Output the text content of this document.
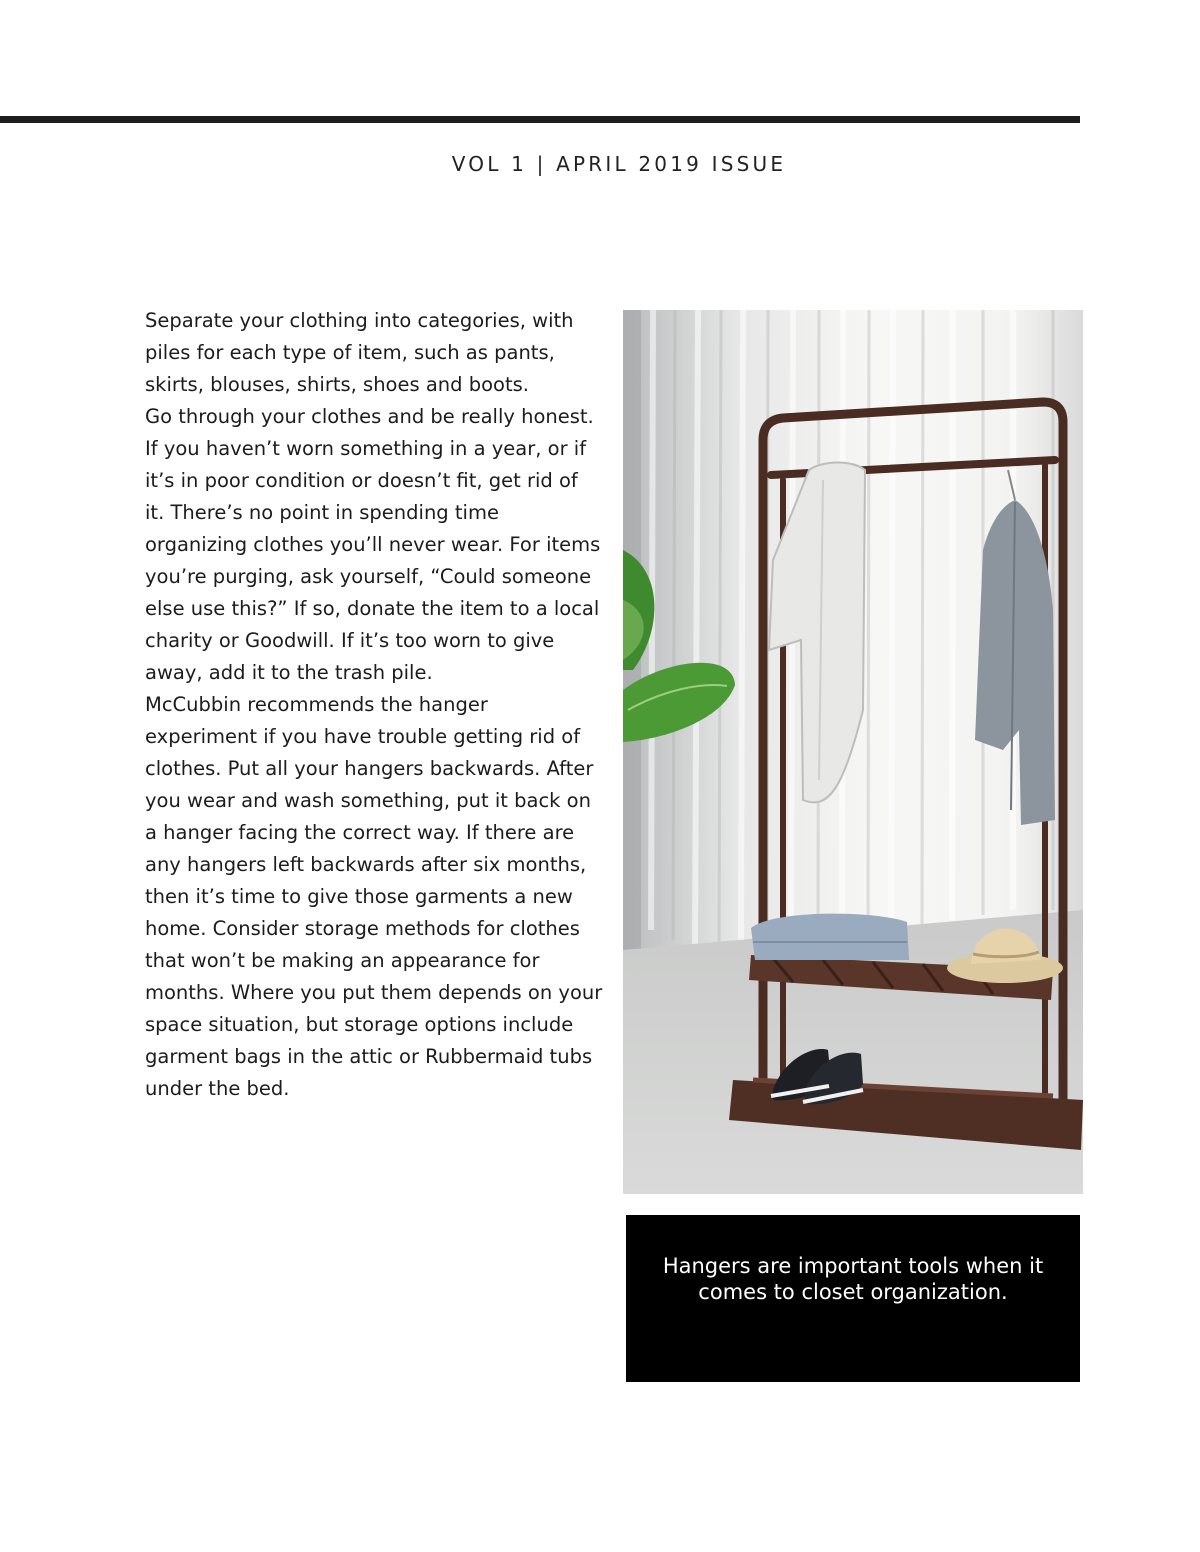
VOL 1 | APRIL 2019 ISSUE

Separate your clothing into categories, with piles for each type of item, such as pants, skirts, blouses, shirts, shoes and boots.

Go through your clothes and be really honest. If you haven’t worn something in a year, or if it’s in poor condition or doesn’t fit, get rid of it. There’s no point in spending time organizing clothes you’ll never wear. For items you’re purging, ask yourself, “Could someone else use this?” If so, donate the item to a local charity or Goodwill. If it’s too worn to give away, add it to the trash pile.

McCubbin recommends the hanger experiment if you have trouble getting rid of clothes. Put all your hangers backwards. After you wear and wash something, put it back on a hanger facing the correct way. If there are any hangers left backwards after six months, then it’s time to give those garments a new home. Consider storage methods for clothes that won’t be making an appearance for months. Where you put them depends on your space situation, but storage options include garment bags in the attic or Rubbermaid tubs under the bed.

Hangers are important tools when it comes to closet organization.
